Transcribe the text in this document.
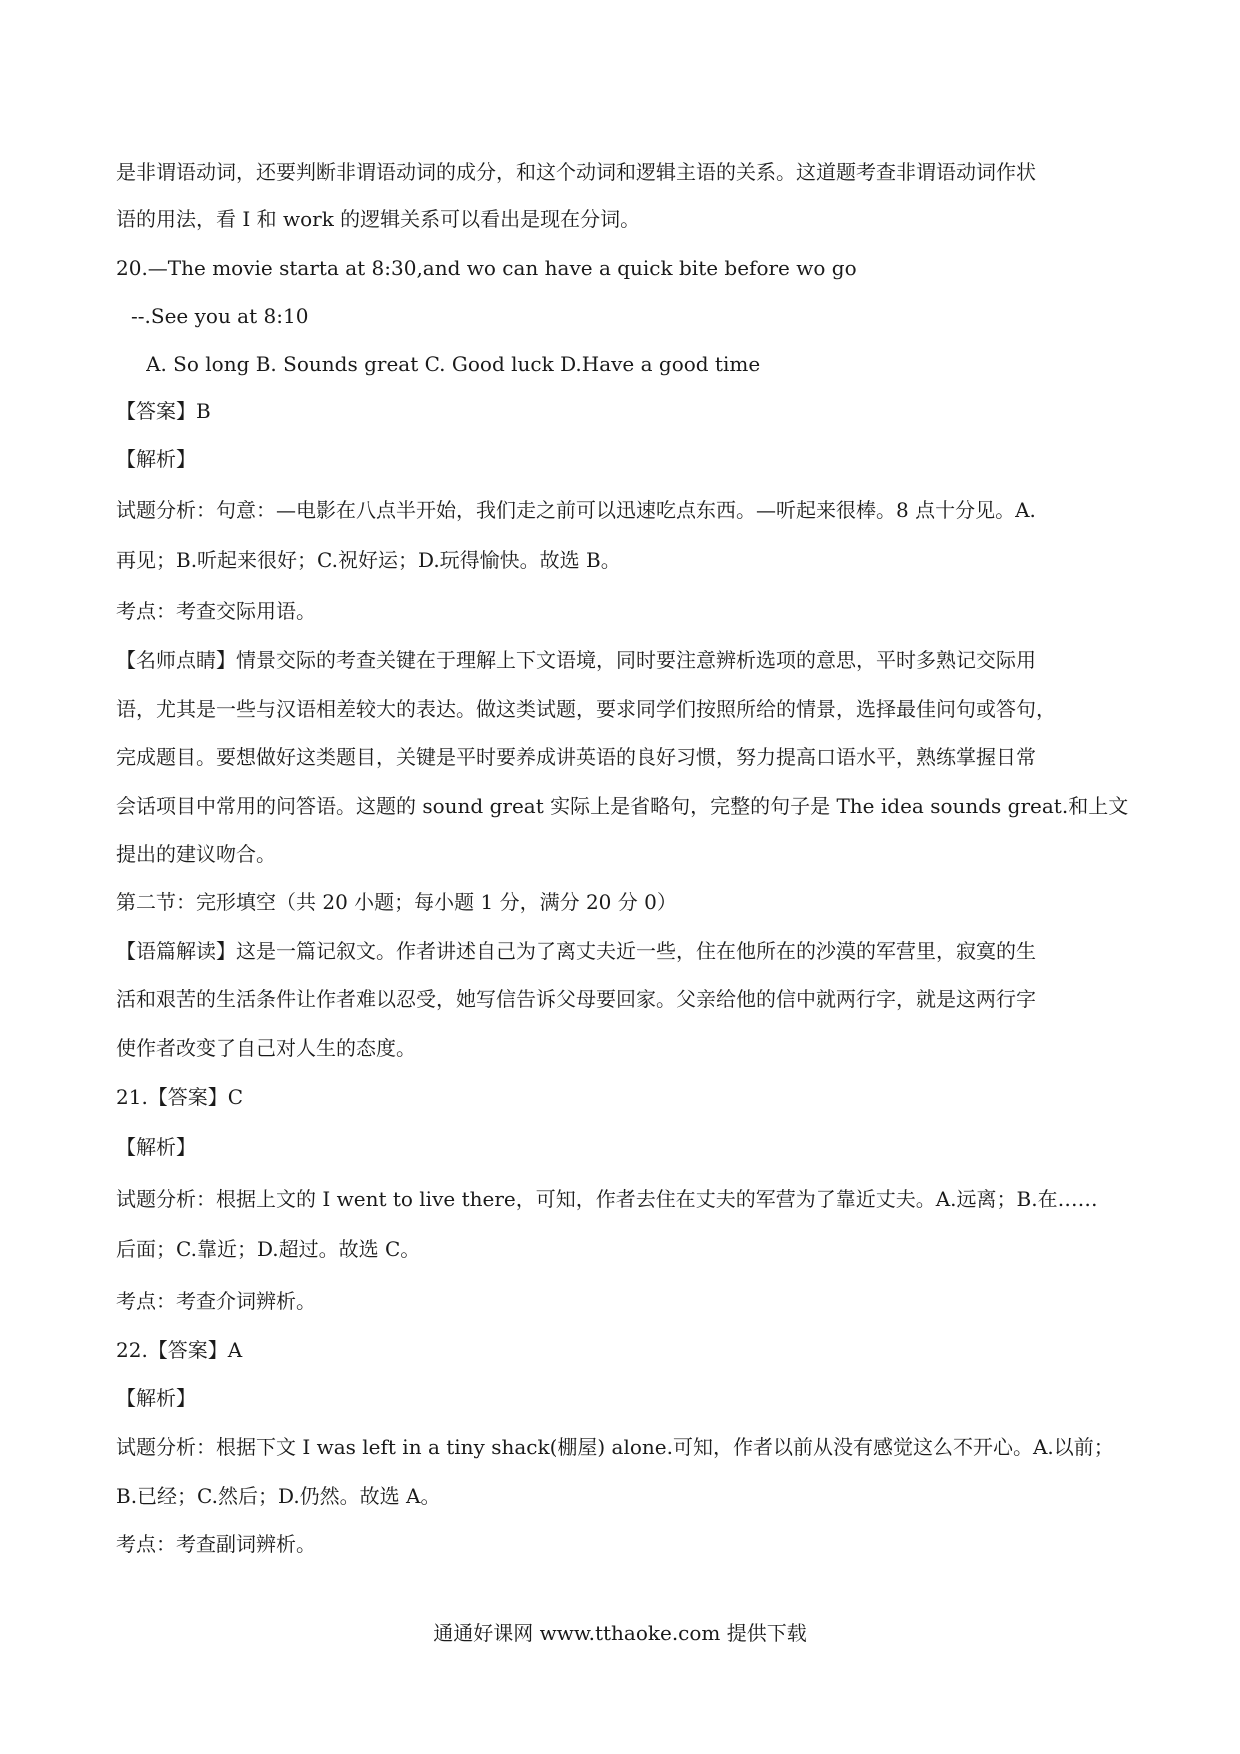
是非谓语动词，还要判断非谓语动词的成分，和这个动词和逻辑主语的关系。这道题考查非谓语动词作状
语的用法，看 I 和 work 的逻辑关系可以看出是现在分词。
20.—The movie starta at 8:30,and wo can have a quick bite before wo go
--.See you at 8:10
A. So long B. Sounds great C. Good luck D.Have a good time
【答案】B
【解析】
试题分析：句意：—电影在八点半开始，我们走之前可以迅速吃点东西。—听起来很棒。8 点十分见。A.
再见；B.听起来很好；C.祝好运；D.玩得愉快。故选 B。
考点：考查交际用语。
【名师点睛】情景交际的考查关键在于理解上下文语境，同时要注意辨析选项的意思，平时多熟记交际用
语，尤其是一些与汉语相差较大的表达。做这类试题，要求同学们按照所给的情景，选择最佳问句或答句，
完成题目。要想做好这类题目，关键是平时要养成讲英语的良好习惯，努力提高口语水平，熟练掌握日常
会话项目中常用的问答语。这题的 sound great 实际上是省略句，完整的句子是 The idea sounds great.和上文
提出的建议吻合。
第二节：完形填空（共 20 小题；每小题 1 分，满分 20 分 0）
【语篇解读】这是一篇记叙文。作者讲述自己为了离丈夫近一些，住在他所在的沙漠的军营里，寂寞的生
活和艰苦的生活条件让作者难以忍受，她写信告诉父母要回家。父亲给他的信中就两行字，就是这两行字
使作者改变了自己对人生的态度。
21.【答案】C
【解析】
试题分析：根据上文的 I went to live there，可知，作者去住在丈夫的军营为了靠近丈夫。A.远离；B.在……
后面；C.靠近；D.超过。故选 C。
考点：考查介词辨析。
22.【答案】A
【解析】
试题分析：根据下文 I was left in a tiny shack(棚屋) alone.可知，作者以前从没有感觉这么不开心。A.以前；
B.已经；C.然后；D.仍然。故选 A。
考点：考查副词辨析。
通通好课网 www.tthaoke.com 提供下载
